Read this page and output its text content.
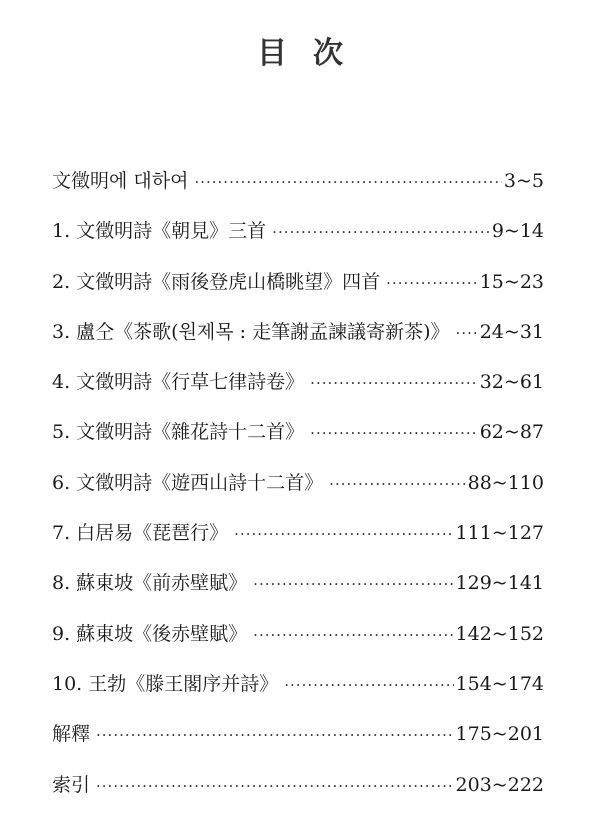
目次
文徵明에 대하여 ·····	3~5
1. 文徵明詩《朝見》三首 ·····	9~14
2. 文徵明詩《雨後登虎山橋眺望》四首 ·····	15~23
3. 盧仝《茶歌(원제목 : 走筆謝孟諫議寄新茶)》 ····· 24~31
4. 文徵明詩《行草七律詩卷》 ·····	32~61
5. 文徵明詩《雜花詩十二首》 ·····	62~87
6. 文徵明詩《遊西山詩十二首》 ·····	88~110
7. 白居易《琵琶行》 ·····	111~127
8. 蘇東坡《前赤壁賦》 ·····	129~141
9. 蘇東坡《後赤壁賦》 ·····	142~152
10. 王勃《滕王閣序并詩》 ·····	154~174
解釋 ·····	175~201
索引 ·····	203~222
